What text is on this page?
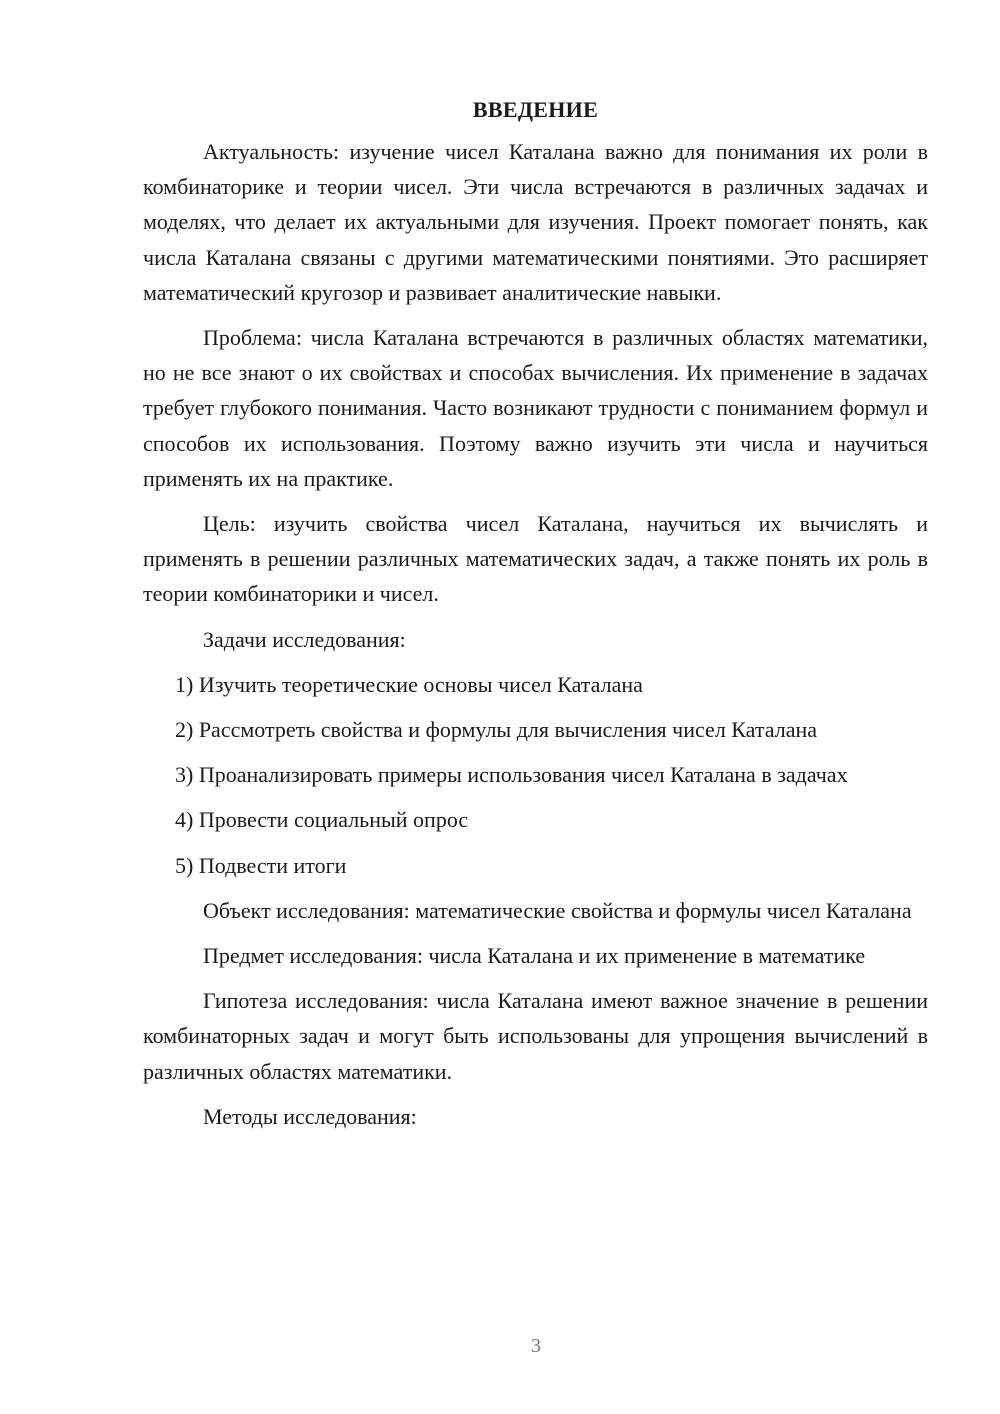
ВВЕДЕНИЕ

Актуальность: изучение чисел Каталана важно для понимания их роли в комбинаторике и теории чисел. Эти числа встречаются в различных задачах и моделях, что делает их актуальными для изучения. Проект помогает понять, как числа Каталана связаны с другими математическими понятиями. Это расширяет математический кругозор и развивает аналитические навыки.

Проблема: числа Каталана встречаются в различных областях математики, но не все знают о их свойствах и способах вычисления. Их применение в задачах требует глубокого понимания. Часто возникают трудности с пониманием формул и способов их использования. Поэтому важно изучить эти числа и научиться применять их на практике.

Цель: изучить свойства чисел Каталана, научиться их вычислять и применять в решении различных математических задач, а также понять их роль в теории комбинаторики и чисел.

Задачи исследования:

1) Изучить теоретические основы чисел Каталана

2) Рассмотреть свойства и формулы для вычисления чисел Каталана

3) Проанализировать примеры использования чисел Каталана в задачах

4) Провести социальный опрос

5) Подвести итоги

Объект исследования: математические свойства и формулы чисел Каталана

Предмет исследования: числа Каталана и их применение в математике

Гипотеза исследования: числа Каталана имеют важное значение в решении комбинаторных задач и могут быть использованы для упрощения вычислений в различных областях математики.

Методы исследования:

3
